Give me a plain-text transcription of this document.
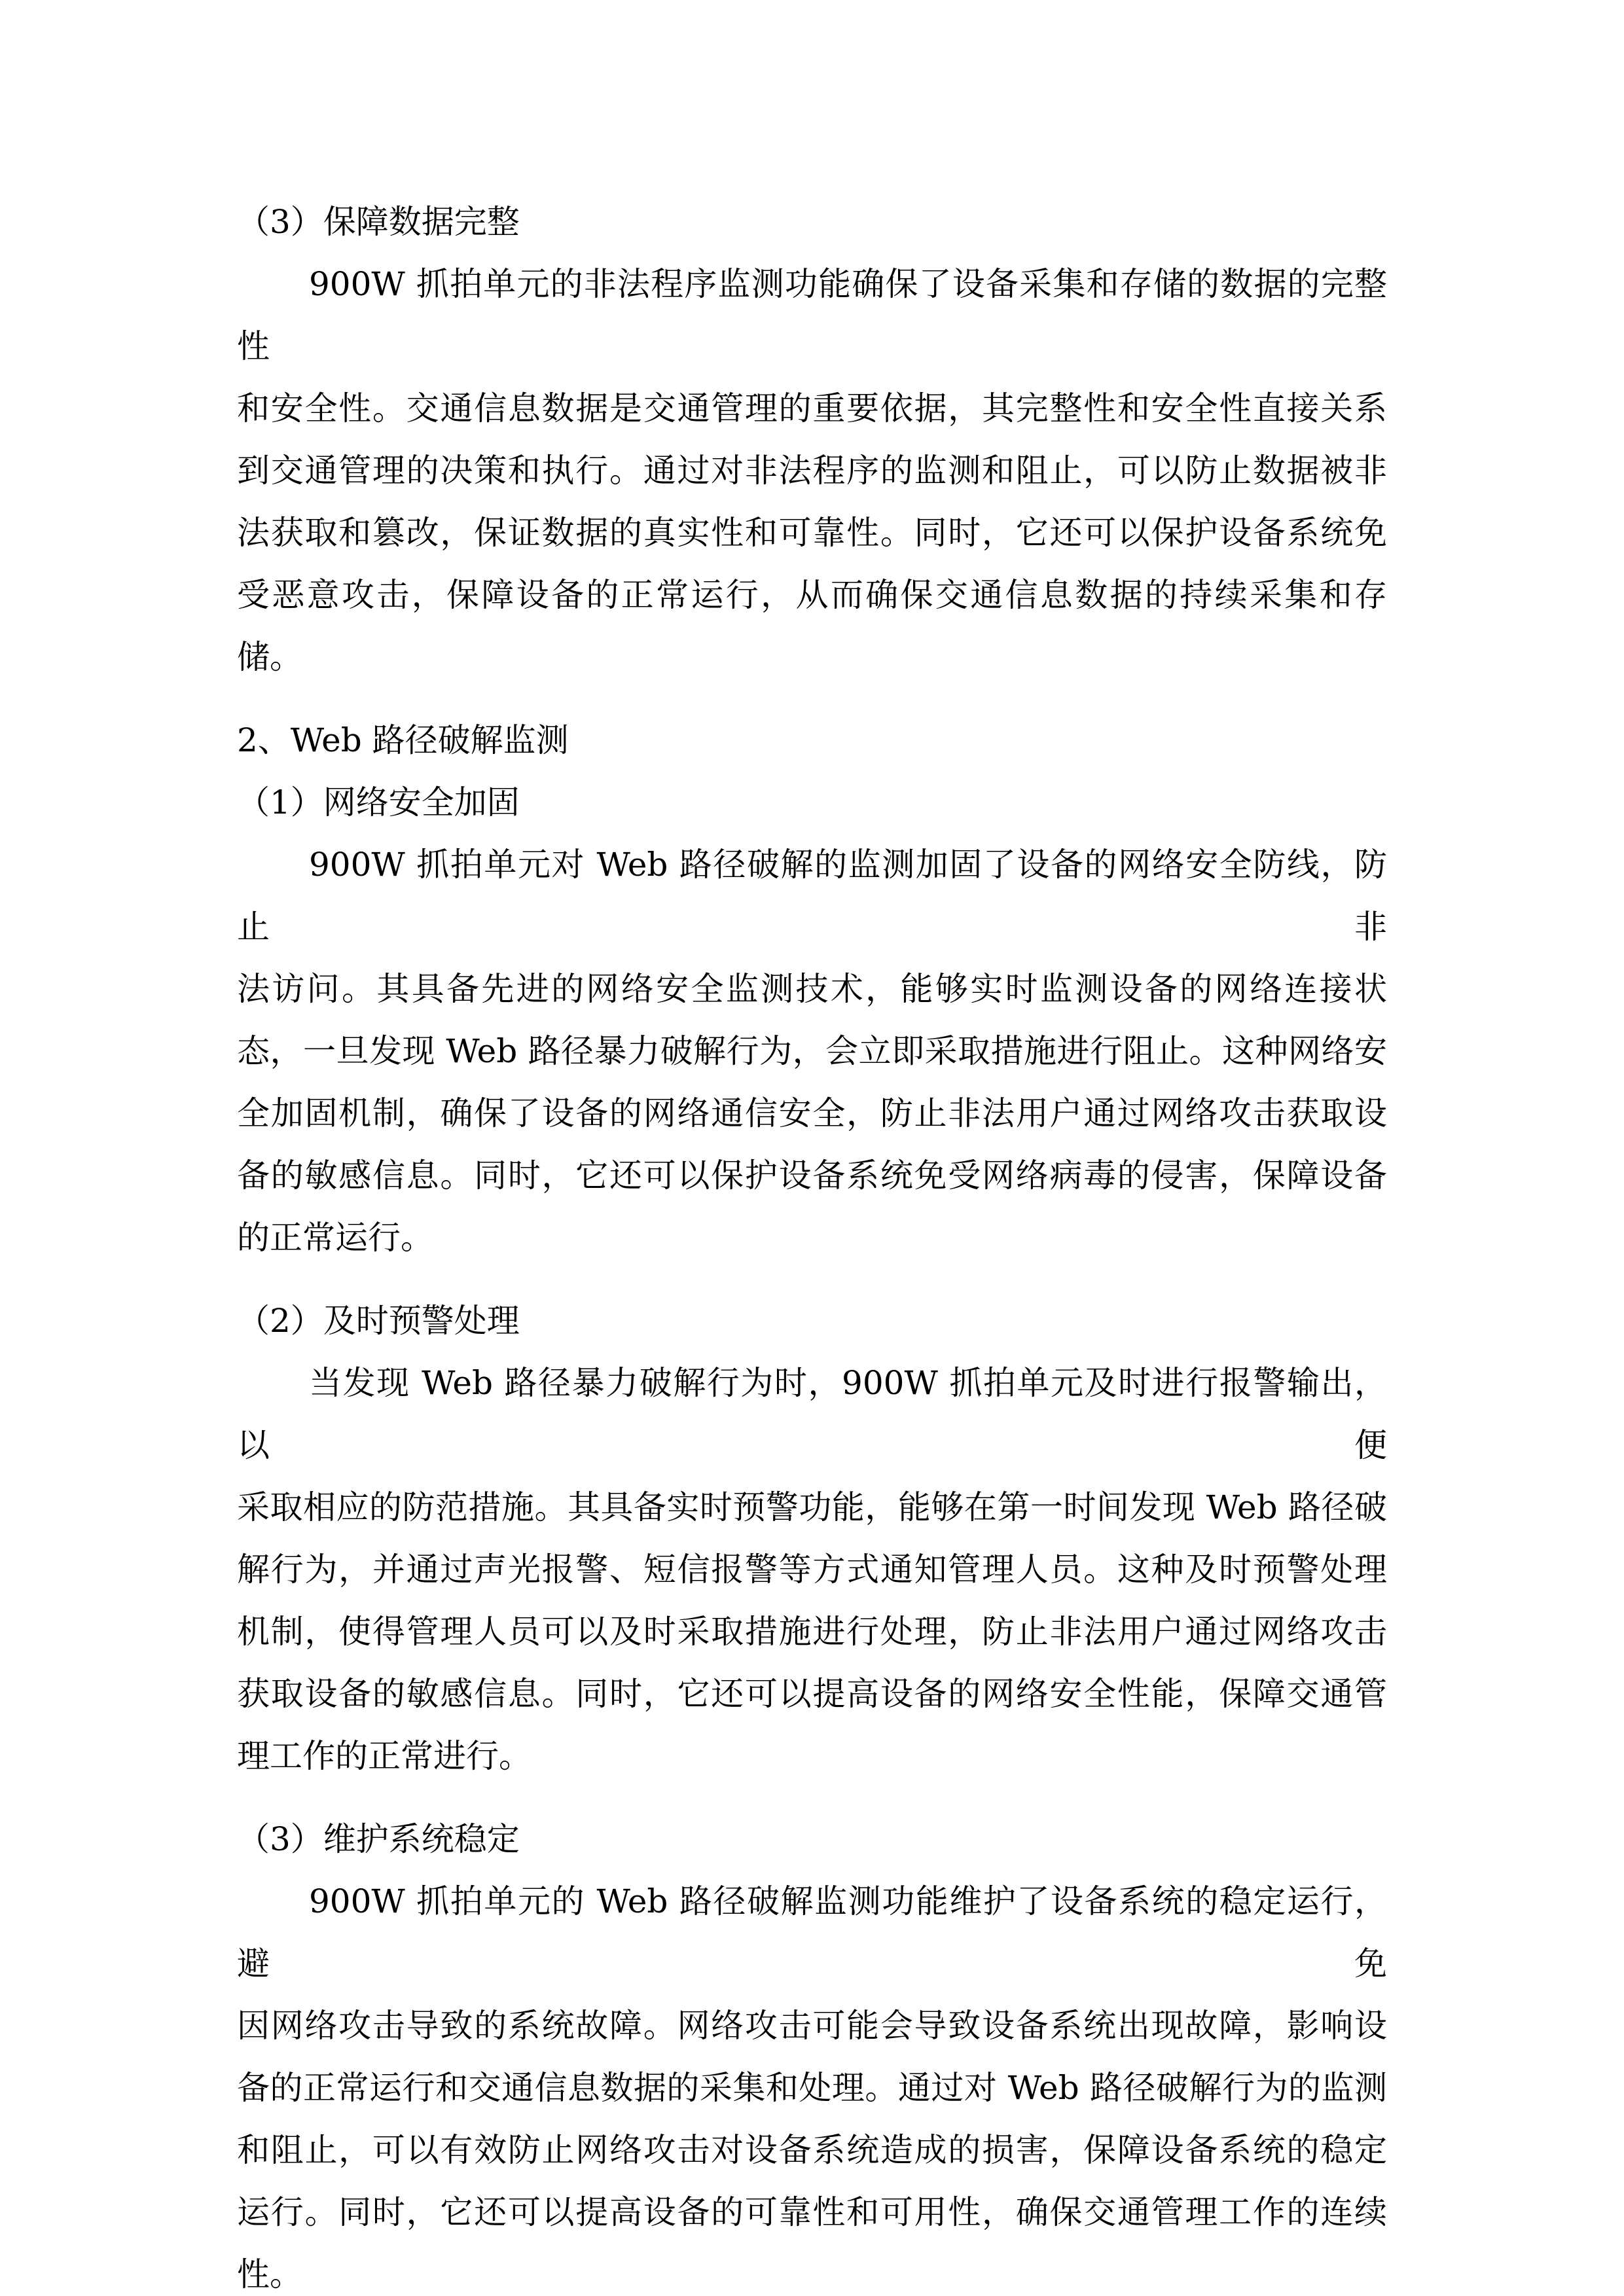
（3）保障数据完整
900W 抓拍单元的非法程序监测功能确保了设备采集和存储的数据的完整性
和安全性。交通信息数据是交通管理的重要依据，其完整性和安全性直接关系
到交通管理的决策和执行。通过对非法程序的监测和阻止，可以防止数据被非
法获取和篡改，保证数据的真实性和可靠性。同时，它还可以保护设备系统免
受恶意攻击，保障设备的正常运行，从而确保交通信息数据的持续采集和存
储。
2、Web 路径破解监测
（1）网络安全加固
900W 抓拍单元对 Web 路径破解的监测加固了设备的网络安全防线，防止非
法访问。其具备先进的网络安全监测技术，能够实时监测设备的网络连接状
态，一旦发现 Web 路径暴力破解行为，会立即采取措施进行阻止。这种网络安
全加固机制，确保了设备的网络通信安全，防止非法用户通过网络攻击获取设
备的敏感信息。同时，它还可以保护设备系统免受网络病毒的侵害，保障设备
的正常运行。
（2）及时预警处理
当发现 Web 路径暴力破解行为时，900W 抓拍单元及时进行报警输出，以便
采取相应的防范措施。其具备实时预警功能，能够在第一时间发现 Web 路径破
解行为，并通过声光报警、短信报警等方式通知管理人员。这种及时预警处理
机制，使得管理人员可以及时采取措施进行处理，防止非法用户通过网络攻击
获取设备的敏感信息。同时，它还可以提高设备的网络安全性能，保障交通管
理工作的正常进行。
（3）维护系统稳定
900W 抓拍单元的 Web 路径破解监测功能维护了设备系统的稳定运行，避免
因网络攻击导致的系统故障。网络攻击可能会导致设备系统出现故障，影响设
备的正常运行和交通信息数据的采集和处理。通过对 Web 路径破解行为的监测
和阻止，可以有效防止网络攻击对设备系统造成的损害，保障设备系统的稳定
运行。同时，它还可以提高设备的可靠性和可用性，确保交通管理工作的连续
性。
